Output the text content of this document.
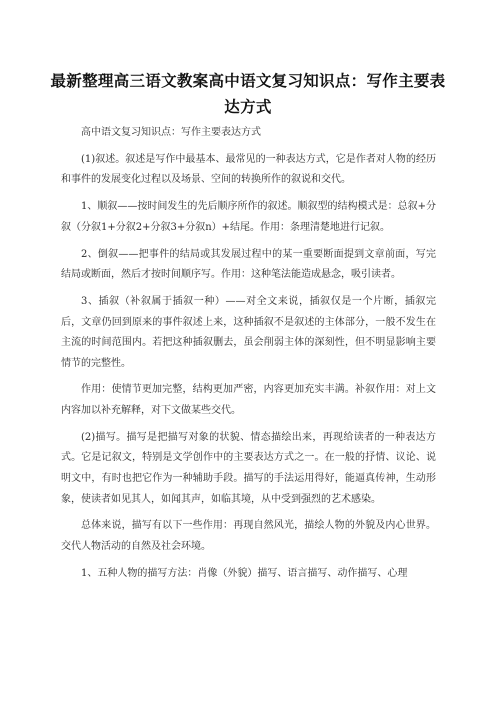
最新整理高三语文教案高中语文复习知识点：写作主要表达方式

高中语文复习知识点：写作主要表达方式

(1)叙述。叙述是写作中最基本、最常见的一种表达方式，它是作者对人物的经历和事件的发展变化过程以及场景、空间的转换所作的叙说和交代。

1、顺叙——按时间发生的先后顺序所作的叙述。顺叙型的结构模式是：总叙+分叙（分叙1+分叙2+分叙3+分叙n）+结尾。作用：条理清楚地进行记叙。

2、倒叙——把事件的结局或其发展过程中的某一重要断面提到文章前面，写完结局或断面，然后才按时间顺序写。作用：这种笔法能造成悬念，吸引读者。

3、插叙（补叙属于插叙一种）——对全文来说，插叙仅是一个片断，插叙完后，文章仍回到原来的事件叙述上来，这种插叙不是叙述的主体部分，一般不发生在主流的时间范围内。若把这种插叙删去，虽会削弱主体的深刻性，但不明显影响主要情节的完整性。

作用：使情节更加完整，结构更加严密，内容更加充实丰满。补叙作用：对上文内容加以补充解释，对下文做某些交代。

(2)描写。描写是把描写对象的状貌、情态描绘出来，再现给读者的一种表达方式。它是记叙文，特别是文学创作中的主要表达方式之一。在一般的抒情、议论、说明文中，有时也把它作为一种辅助手段。描写的手法运用得好，能逼真传神，生动形象，使读者如见其人，如闻其声，如临其境，从中受到强烈的艺术感染。

总体来说，描写有以下一些作用：再现自然风光，描绘人物的外貌及内心世界。交代人物活动的自然及社会环境。

1、五种人物的描写方法：肖像（外貌）描写、语言描写、动作描写、心理
